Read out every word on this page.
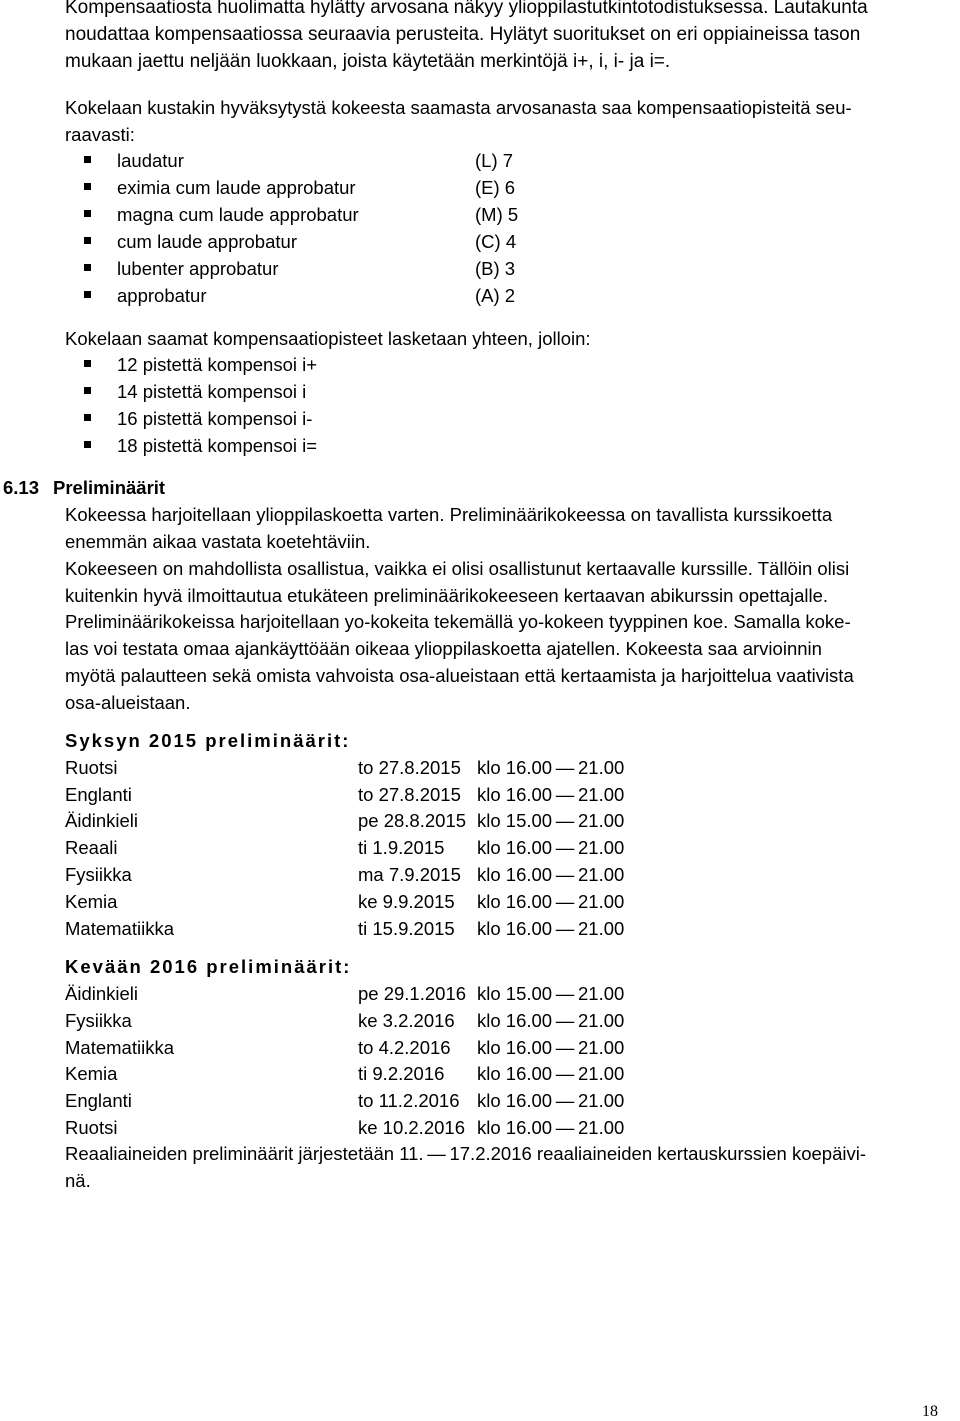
Kompensaatiosta huolimatta hylätty arvosana näkyy ylioppilastutkintotodistuksessa. Lautakunta
noudattaa kompensaatiossa seuraavia perusteita. Hylätyt suoritukset on eri oppiaineissa tason
mukaan jaettu neljään luokkaan, joista käytetään merkintöjä i+, i, i- ja i=.
Kokelaan kustakin hyväksytystä kokeesta saamasta arvosanasta saa kompensaatiopisteitä seu-
raavasti:
laudatur	(L) 7
eximia cum laude approbatur	(E) 6
magna cum laude approbatur	(M) 5
cum laude approbatur	(C) 4
lubenter approbatur	(B) 3
approbatur	(A) 2
Kokelaan saamat kompensaatiopisteet lasketaan yhteen, jolloin:
12 pistettä kompensoi i+
14 pistettä kompensoi i
16 pistettä kompensoi i-
18 pistettä kompensoi i=
6.13 Preliminäärit
Kokeessa harjoitellaan ylioppilaskoetta varten. Preliminäärikokeessa on tavallista kurssikoetta
enemmän aikaa vastata koetehtäviin.
Kokeeseen on mahdollista osallistua, vaikka ei olisi osallistunut kertaavalle kurssille. Tällöin olisi
kuitenkin hyvä ilmoittautua etukäteen preliminäärikokeeseen kertaavan abikurssin opettajalle.
Preliminäärikokeissa harjoitellaan yo-kokeita tekemällä yo-kokeen tyyppinen koe. Samalla koke-
las voi testata omaa ajankäyttöään oikeaa ylioppilaskoetta ajatellen. Kokeesta saa arvioinnin
myötä palautteen sekä omista vahvoista osa-alueistaan että kertaamista ja harjoittelua vaativista
osa-alueistaan.
Syksyn 2015 preliminäärit:
Ruotsi	to 27.8.2015 klo 16.00 — 21.00
Englanti	to 27.8.2015 klo 16.00 — 21.00
Äidinkieli	pe 28.8.2015 klo 15.00 — 21.00
Reaali	ti 1.9.2015 klo 16.00 — 21.00
Fysiikka	ma 7.9.2015 klo 16.00 — 21.00
Kemia	ke 9.9.2015 klo 16.00 — 21.00
Matematiikka	ti 15.9.2015 klo 16.00 — 21.00
Kevään 2016 preliminäärit:
Äidinkieli	pe 29.1.2016 klo 15.00 — 21.00
Fysiikka	ke 3.2.2016 klo 16.00 — 21.00
Matematiikka	to 4.2.2016 klo 16.00 — 21.00
Kemia	ti 9.2.2016 klo 16.00 — 21.00
Englanti	to 11.2.2016 klo 16.00 — 21.00
Ruotsi	ke 10.2.2016 klo 16.00 — 21.00
Reaaliaineiden preliminäärit järjestetään 11. — 17.2.2016 reaaliaineiden kertauskurssien koepäivi-
nä.
18
